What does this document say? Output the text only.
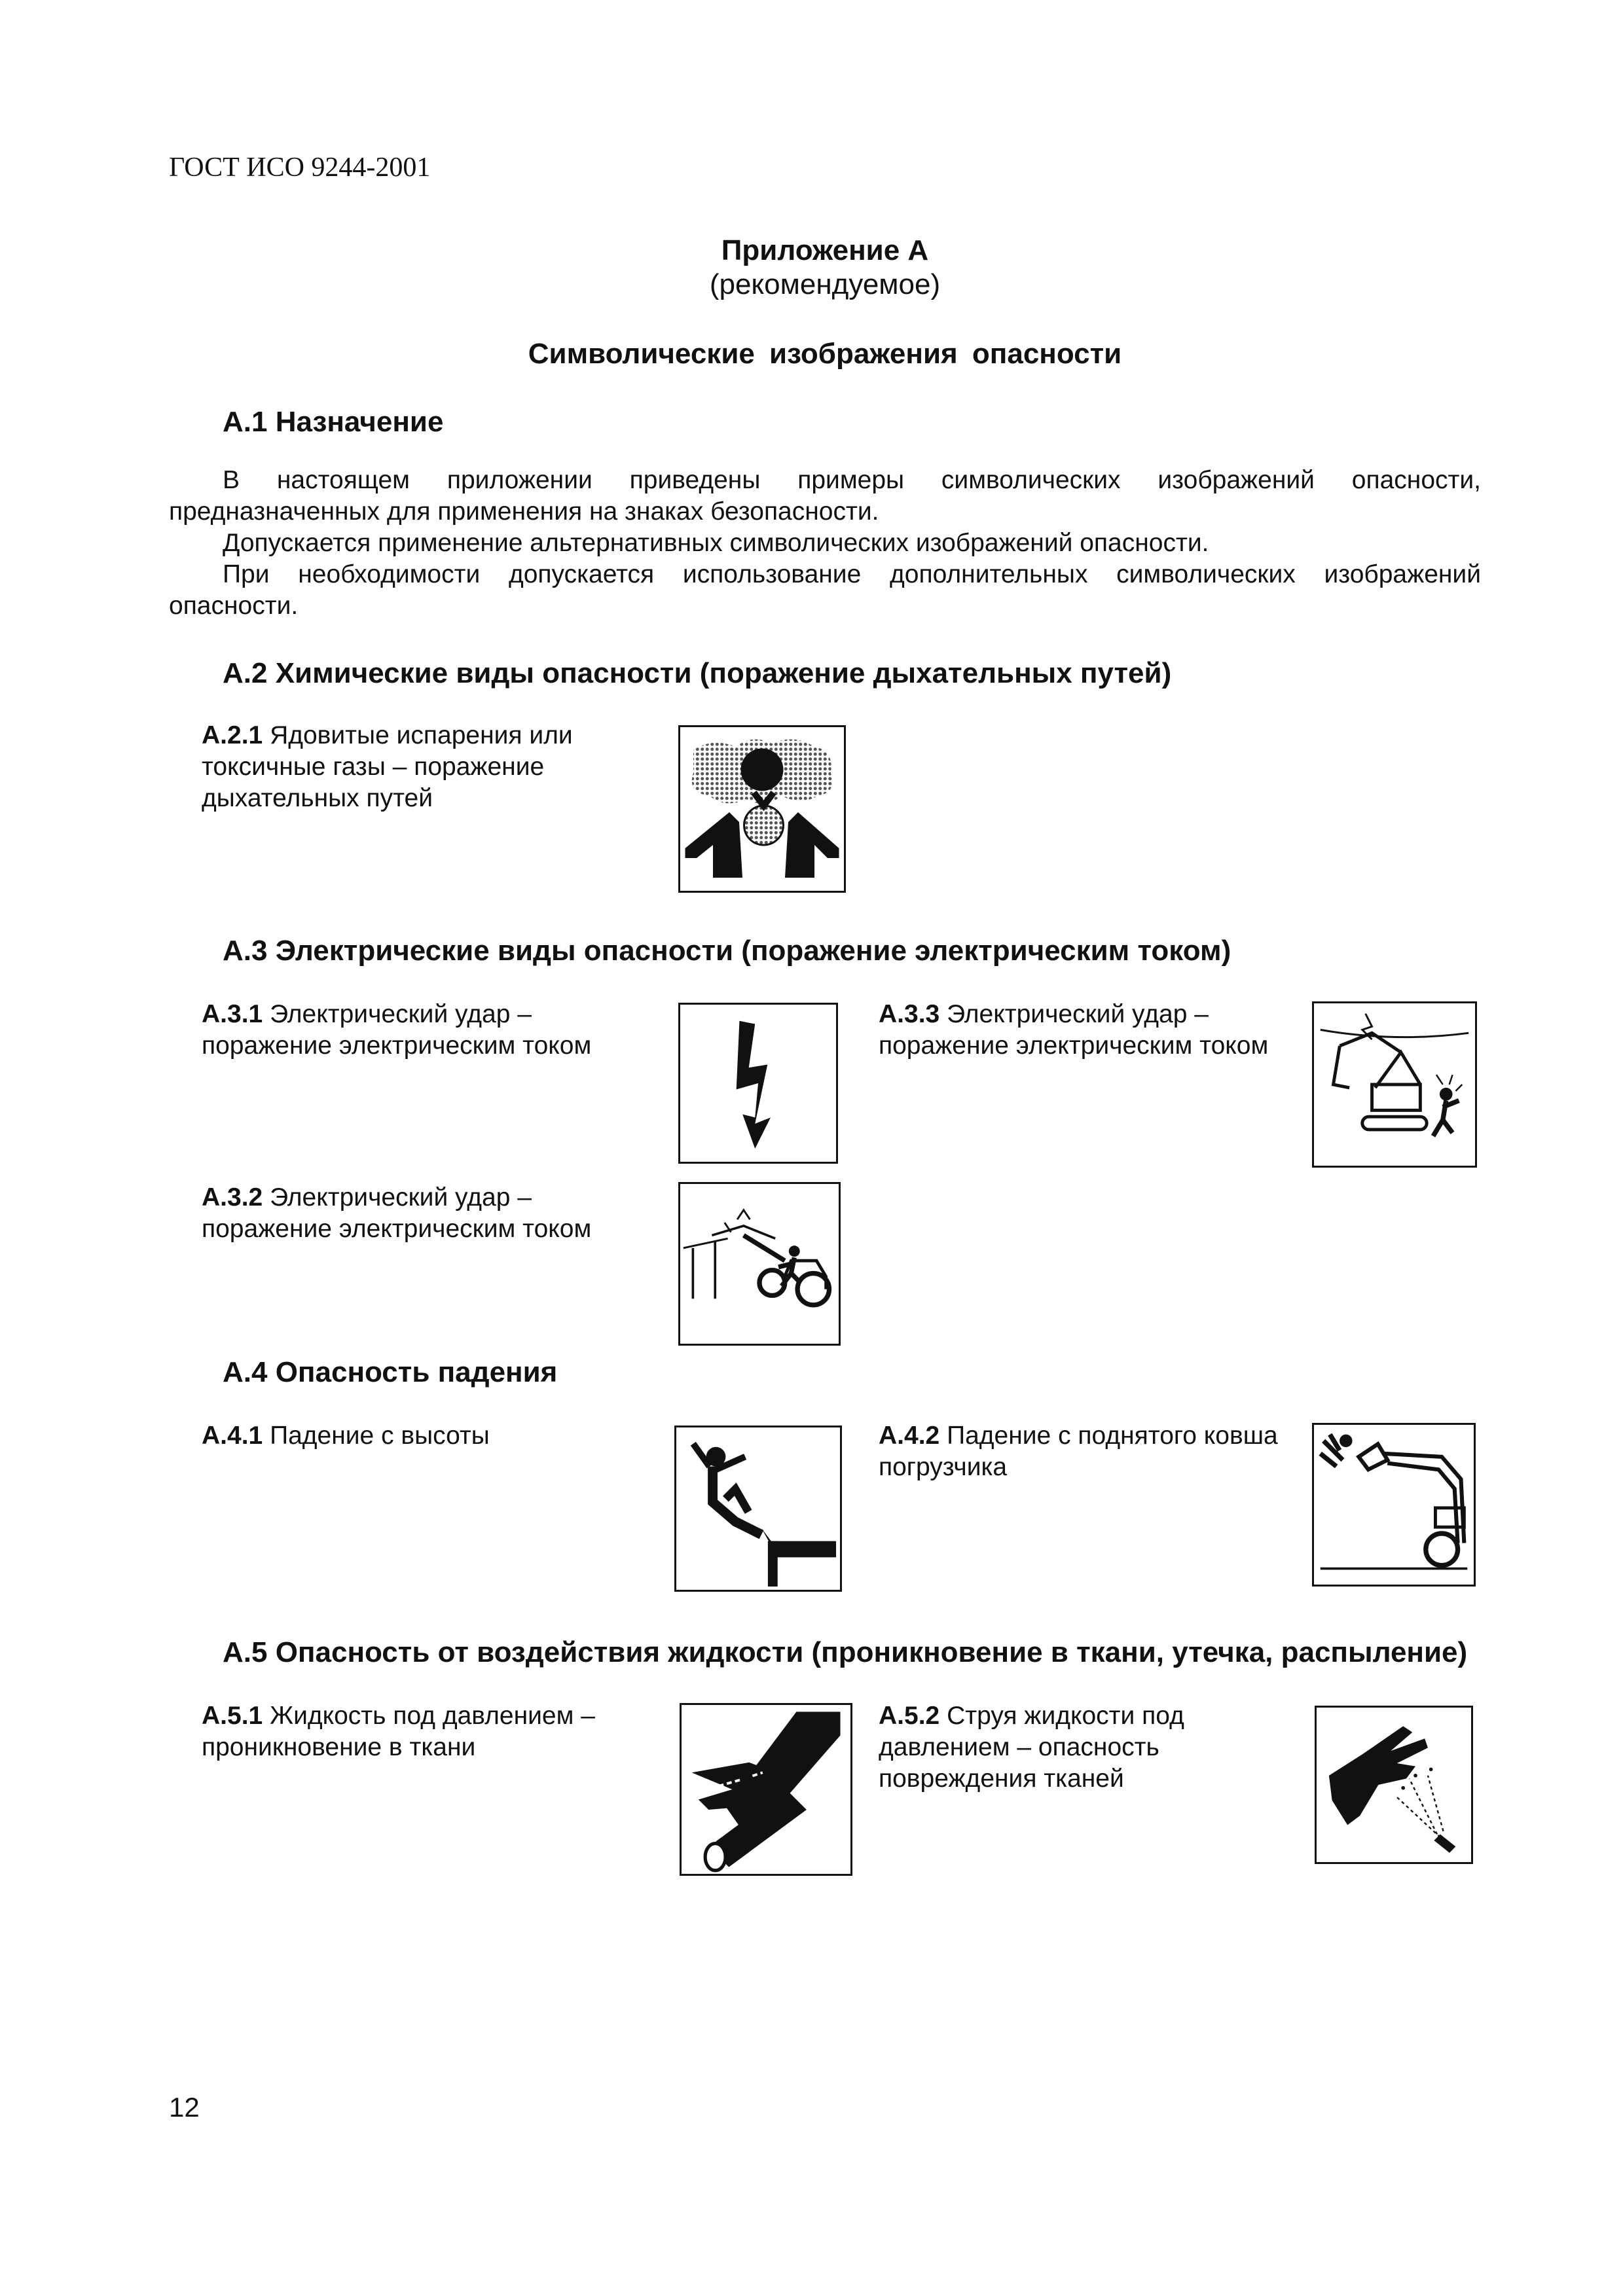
ГОСТ ИСО 9244-2001
Приложение А
(рекомендуемое)
Символические изображения опасности
А.1 Назначение

В настоящем приложении приведены примеры символических изображений опасности, предназначенных для применения на знаках безопасности.

Допускается применение альтернативных символических изображений опасности.

При необходимости допускается использование дополнительных символических изображений опасности.

А.2 Химические виды опасности (поражение дыхательных путей)
А.2.1 Ядовитые испарения или токсичные газы – поражение дыхательных путей
А.3 Электрические виды опасности (поражение электрическим током)
А.3.1 Электрический удар – поражение электрическим током
А.3.2 Электрический удар – поражение электрическим током
А.3.3 Электрический удар – поражение электрическим током
А.4 Опасность падения
А.4.1 Падение с высоты	А.4.2 Падение с поднятого ковша погрузчика
А.5 Опасность от воздействия жидкости (проникновение в ткани, утечка, распыление)
А.5.1 Жидкость под давлением – проникновение в ткани
А.5.2 Струя жидкости под давлением – опасность повреждения тканей
12
